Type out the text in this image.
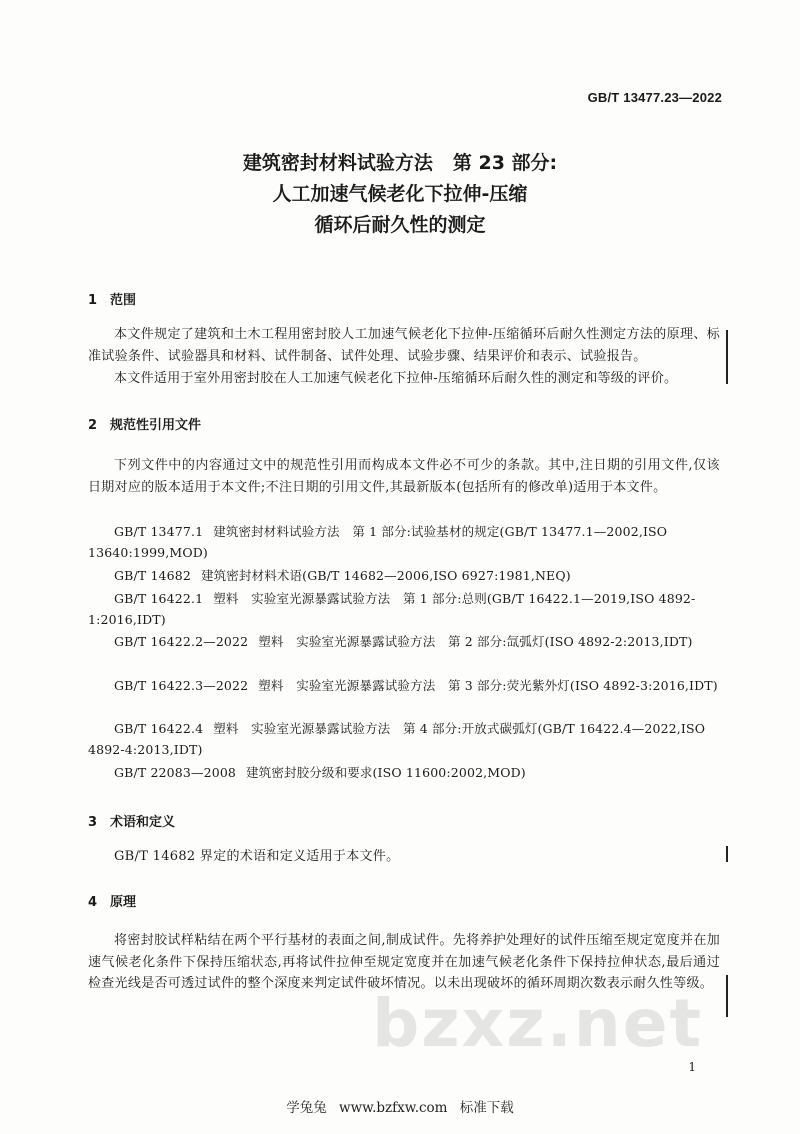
GB/T 13477.23—2022
建筑密封材料试验方法 第 23 部分:
人工加速气候老化下拉伸-压缩
循环后耐久性的测定
1 范围
本文件规定了建筑和土木工程用密封胶人工加速气候老化下拉伸-压缩循环后耐久性测定方法的原理、标准试验条件、试验器具和材料、试件制备、试件处理、试验步骤、结果评价和表示、试验报告。
本文件适用于室外用密封胶在人工加速气候老化下拉伸-压缩循环后耐久性的测定和等级的评价。
2 规范性引用文件
下列文件中的内容通过文中的规范性引用而构成本文件必不可少的条款。其中,注日期的引用文件,仅该日期对应的版本适用于本文件;不注日期的引用文件,其最新版本(包括所有的修改单)适用于本文件。
GB/T 13477.1 建筑密封材料试验方法　第 1 部分:试验基材的规定(GB/T 13477.1—2002,ISO 13640:1999,MOD)
GB/T 14682 建筑密封材料术语(GB/T 14682—2006,ISO 6927:1981,NEQ)
GB/T 16422.1 塑料　实验室光源暴露试验方法　第 1 部分:总则(GB/T 16422.1—2019,ISO 4892-1:2016,IDT)
GB/T 16422.2—2022 塑料　实验室光源暴露试验方法　第 2 部分:氙弧灯(ISO 4892-2:2013,IDT)
GB/T 16422.3—2022 塑料　实验室光源暴露试验方法　第 3 部分:荧光紫外灯(ISO 4892-3:2016,IDT)
GB/T 16422.4 塑料　实验室光源暴露试验方法　第 4 部分:开放式碳弧灯(GB/T 16422.4—2022,ISO 4892-4:2013,IDT)
GB/T 22083—2008 建筑密封胶分级和要求(ISO 11600:2002,MOD)
3 术语和定义
GB/T 14682 界定的术语和定义适用于本文件。
4 原理
将密封胶试样粘结在两个平行基材的表面之间,制成试件。先将养护处理好的试件压缩至规定宽度并在加速气候老化条件下保持压缩状态,再将试件拉伸至规定宽度并在加速气候老化条件下保持拉伸状态,最后通过检查光线是否可透过试件的整个深度来判定试件破坏情况。以未出现破坏的循环周期次数表示耐久性等级。
bzxz.net
1
学兔兔 www.bzfxw.com 标准下载
